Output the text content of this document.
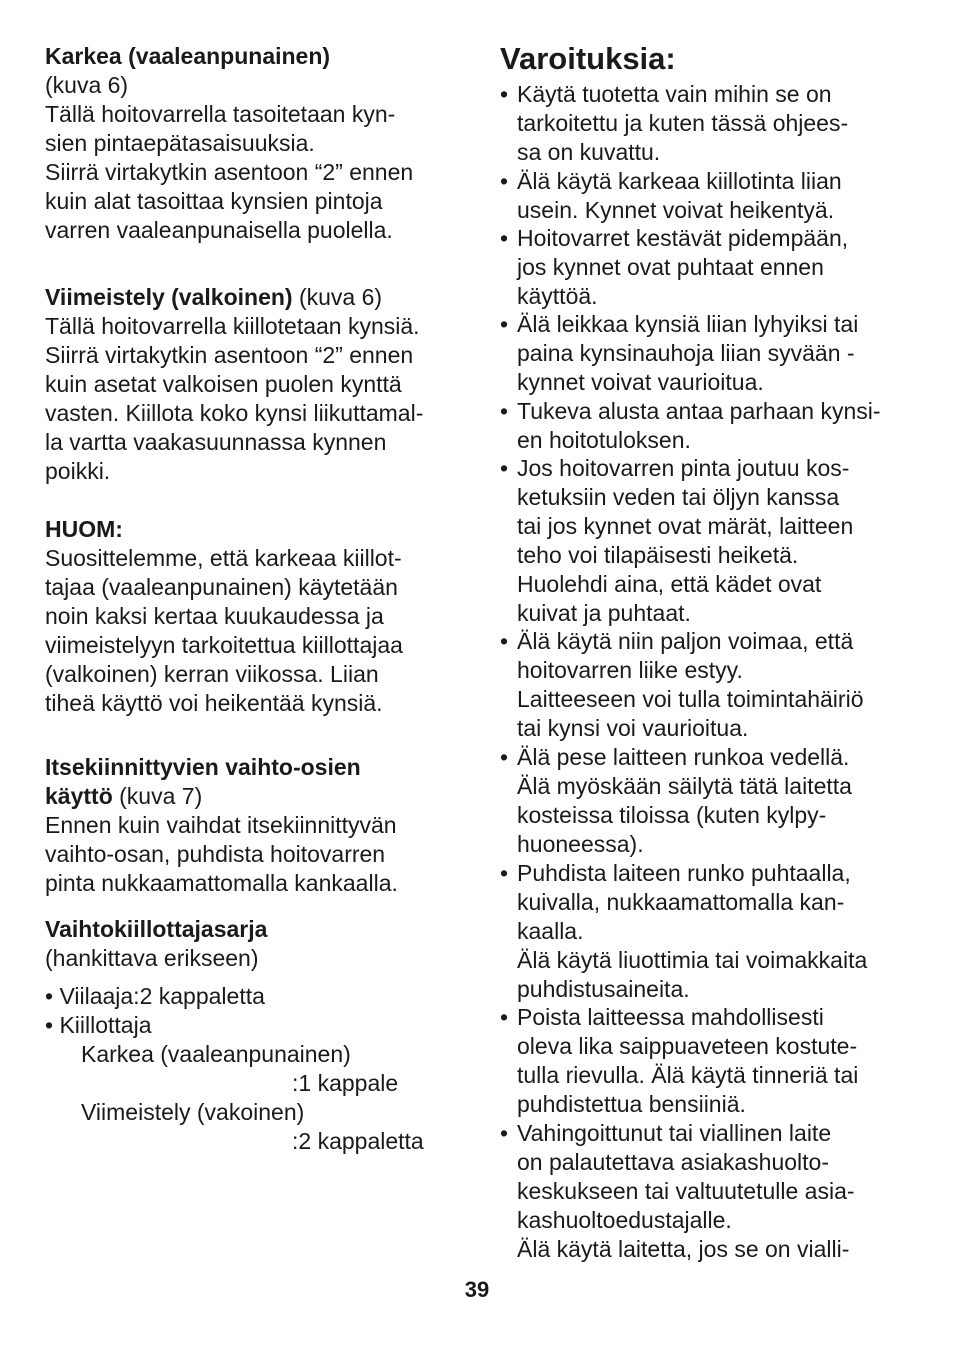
Karkea (vaaleanpunainen)

(kuva 6)

Tällä hoitovarrella tasoitetaan kyn-
sien pintaepätasaisuuksia.
Siirrä virtakytkin asentoon “2” ennen
kuin alat tasoittaa kynsien pintoja
varren vaaleanpunaisella puolella.

Viimeistely (valkoinen) (kuva 6)

Tällä hoitovarrella kiillotetaan kynsiä.
Siirrä virtakytkin asentoon “2” ennen
kuin asetat valkoisen puolen kynttä
vasten. Kiillota koko kynsi liikuttamal-
la vartta vaakasuunnassa kynnen
poikki.

HUOM:

Suosittelemme, että karkeaa kiillot-
tajaa (vaaleanpunainen) käytetään
noin kaksi kertaa kuukaudessa ja
viimeistelyyn tarkoitettua kiillottajaa
(valkoinen) kerran viikossa. Liian
tiheä käyttö voi heikentää kynsiä.

Itsekiinnittyvien vaihto-osien

käyttö (kuva 7)

Ennen kuin vaihdat itsekiinnittyvän
vaihto-osan, puhdista hoitovarren
pinta nukkaamattomalla kankaalla.

Vaihtokiillottajasarja

(hankittava erikseen)

• Viilaaja:2 kappaletta

• Kiillottaja

Karkea (vaaleanpunainen)

:1 kappale

Viimeistely (vakoinen)

:2 kappaletta

Varoituksia:

• Käytä tuotetta vain mihin se on
tarkoitettu ja kuten tässä ohjees-
sa on kuvattu.
• Älä käytä karkeaa kiillotinta liian
usein. Kynnet voivat heikentyä.
• Hoitovarret kestävät pidempään,
jos kynnet ovat puhtaat ennen
käyttöä.
• Älä leikkaa kynsiä liian lyhyiksi tai
paina kynsinauhoja liian syvään -
kynnet voivat vaurioitua.
• Tukeva alusta antaa parhaan kynsi-
en hoitotuloksen.
• Jos hoitovarren pinta joutuu kos-
ketuksiin veden tai öljyn kanssa
tai jos kynnet ovat märät, laitteen
teho voi tilapäisesti heiketä.
Huolehdi aina, että kädet ovat
kuivat ja puhtaat.
• Älä käytä niin paljon voimaa, että
hoitovarren liike estyy.
Laitteeseen voi tulla toimintahäiriö
tai kynsi voi vaurioitua.
• Älä pese laitteen runkoa vedellä.
Älä myöskään säilytä tätä laitetta
kosteissa tiloissa (kuten kylpy-
huoneessa).
• Puhdista laiteen runko puhtaalla,
kuivalla, nukkaamattomalla kan-
kaalla.
Älä käytä liuottimia tai voimakkaita
puhdistusaineita.
• Poista laitteessa mahdollisesti
oleva lika saippuaveteen kostute-
tulla rievulla. Älä käytä tinneriä tai
puhdistettua bensiiniä.
• Vahingoittunut tai viallinen laite
on palautettava asiakashuolto-
keskukseen tai valtuutetulle asia-
kashuoltoedustajalle.
Älä käytä laitetta, jos se on vialli-
39
